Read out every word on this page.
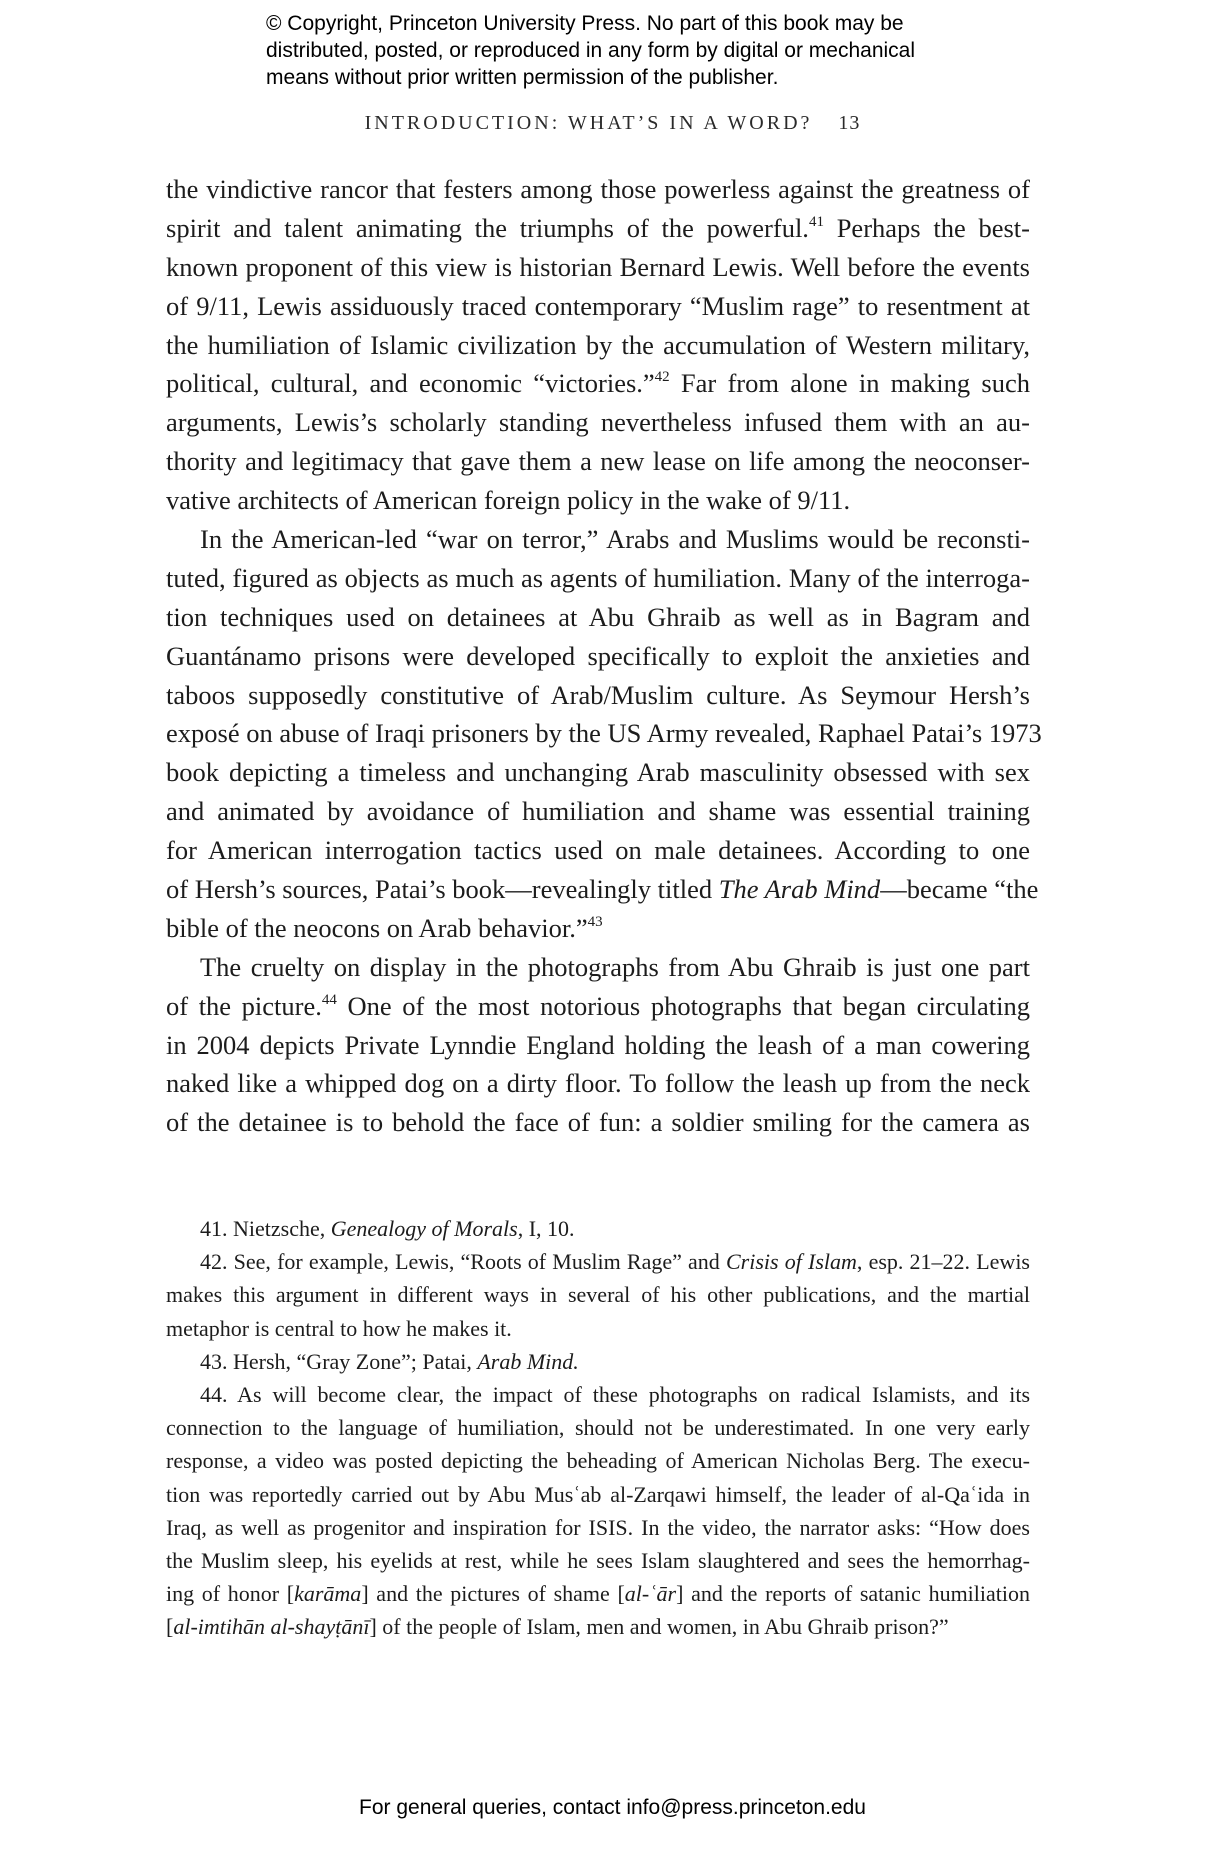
© Copyright, Princeton University Press. No part of this book may be
distributed, posted, or reproduced in any form by digital or mechanical
means without prior written permission of the publisher.
INTRODUCTION: WHAT’S IN A WORD? 13
the vindictive rancor that festers among those powerless against the greatness of
spirit and talent animating the triumphs of the powerful.$^{41}$ Perhaps the best-
known proponent of this view is historian Bernard Lewis. Well before the events
of 9/11, Lewis assiduously traced contemporary “Muslim rage” to resentment at
the humiliation of Islamic civilization by the accumulation of Western military,
political, cultural, and economic “victories.”$^{42}$ Far from alone in making such
arguments, Lewis’s scholarly standing nevertheless infused them with an au-
thority and legitimacy that gave them a new lease on life among the neoconser-
vative architects of American foreign policy in the wake of 9/11.
In the American-led “war on terror,” Arabs and Muslims would be reconsti-
tuted, figured as objects as much as agents of humiliation. Many of the interroga-
tion techniques used on detainees at Abu Ghraib as well as in Bagram and
Guantánamo prisons were developed specifically to exploit the anxieties and
taboos supposedly constitutive of Arab/Muslim culture. As Seymour Hersh’s
exposé on abuse of Iraqi prisoners by the US Army revealed, Raphael Patai’s 1973
book depicting a timeless and unchanging Arab masculinity obsessed with sex
and animated by avoidance of humiliation and shame was essential training
for American interrogation tactics used on male detainees. According to one
of Hersh’s sources, Patai’s book—revealingly titled The Arab Mind—became “the
bible of the neocons on Arab behavior.”$^{43}$
The cruelty on display in the photographs from Abu Ghraib is just one part
of the picture.$^{44}$ One of the most notorious photographs that began circulating
in 2004 depicts Private Lynndie England holding the leash of a man cowering
naked like a whipped dog on a dirty floor. To follow the leash up from the neck
of the detainee is to behold the face of fun: a soldier smiling for the camera as
41. Nietzsche, Genealogy of Morals, I, 10.
42. See, for example, Lewis, “Roots of Muslim Rage” and Crisis of Islam, esp. 21–22. Lewis
makes this argument in different ways in several of his other publications, and the martial
metaphor is central to how he makes it.
43. Hersh, “Gray Zone”; Patai, Arab Mind.
44. As will become clear, the impact of these photographs on radical Islamists, and its
connection to the language of humiliation, should not be underestimated. In one very early
response, a video was posted depicting the beheading of American Nicholas Berg. The execu-
tion was reportedly carried out by Abu Musʿab al-Zarqawi himself, the leader of al-Qaʿida in
Iraq, as well as progenitor and inspiration for ISIS. In the video, the narrator asks: “How does
the Muslim sleep, his eyelids at rest, while he sees Islam slaughtered and sees the hemorrhag-
ing of honor [karāma] and the pictures of shame [al-ʿār] and the reports of satanic humiliation
[al-imtihān al-shayṭānī] of the people of Islam, men and women, in Abu Ghraib prison?”
For general queries, contact info@press.princeton.edu
